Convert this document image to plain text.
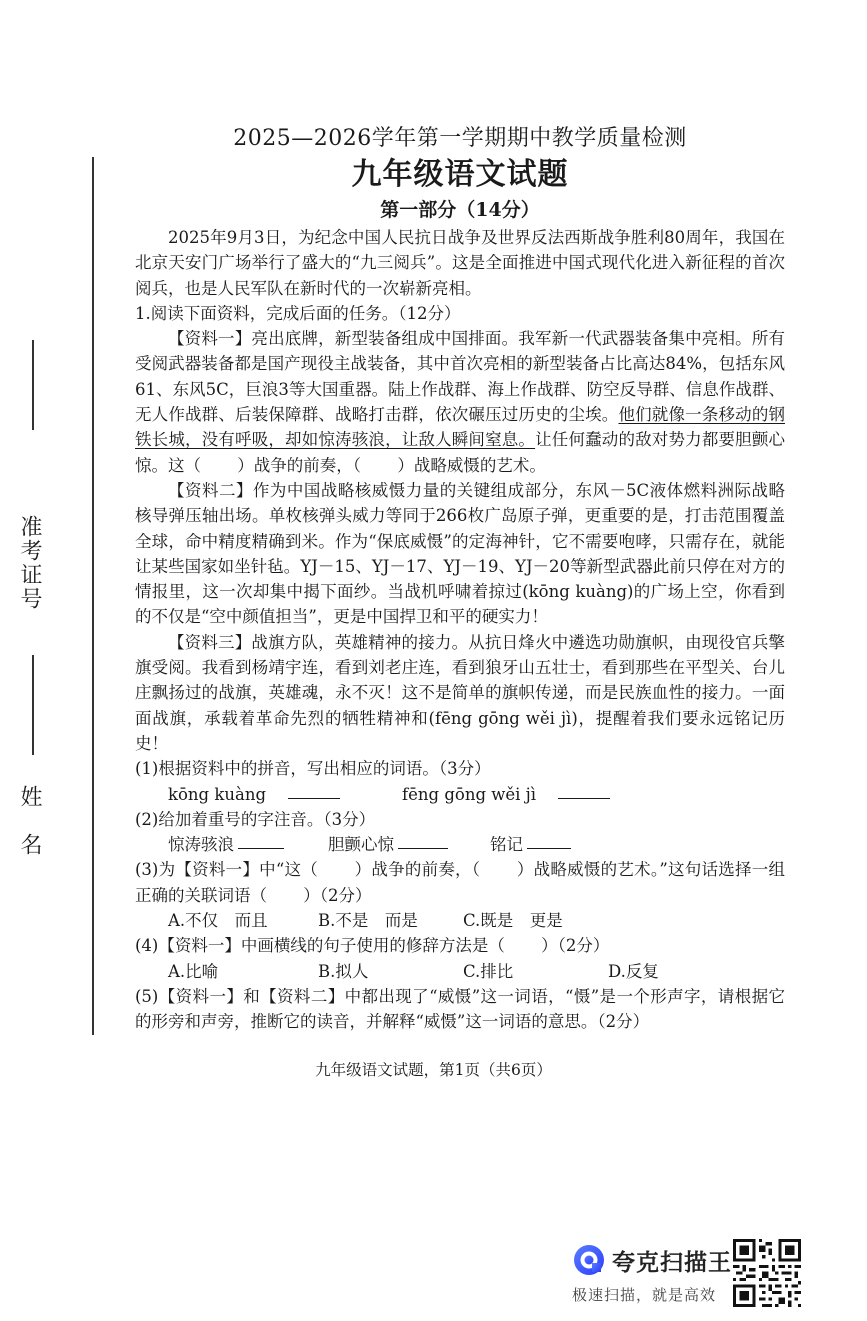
准考证号
姓　名

2025—2026学年第一学期期中教学质量检测

九年级语文试题

第一部分（14分）

2025年9月3日，为纪念中国人民抗日战争及世界反法西斯战争胜利80周年，我国在北京天安门广场举行了盛大的“九三阅兵”。这是全面推进中国式现代化进入新征程的首次阅兵，也是人民军队在新时代的一次崭新亮相。

1.阅读下面资料，完成后面的任务。（12分）

【资料一】亮出底牌，新型装备组成中国排面。我军新一代武器装备集中亮相。所有受阅武器装备都是国产现役主战装备，其中首次亮相的新型装备占比高达84%，包括东风61、东风5C，巨浪3等大国重器。陆上作战群、海上作战群、防空反导群、信息作战群、无人作战群、后装保障群、战略打击群，依次碾压过历史的尘埃。他们就像一条移动的钢铁长城，没有呼吸，却如惊涛骇浪，让敌人瞬间窒息。让任何蠢动的敌对势力都要胆颤心惊。这（ ）战争的前奏，（ ）战略威慑的艺术。

【资料二】作为中国战略核威慑力量的关键组成部分，东风－5C液体燃料洲际战略核导弹压轴出场。单枚核弹头威力等同于266枚广岛原子弹，更重要的是，打击范围覆盖全球，命中精度精确到米。作为“保底威慑”的定海神针，它不需要咆哮，只需存在，就能让某些国家如坐针毡。YJ－15、YJ－17、YJ－19、YJ－20等新型武器此前只停在对方的情报里，这一次却集中揭下面纱。当战机呼啸着掠过(kōng kuàng)的广场上空，你看到的不仅是“空中颜值担当”，更是中国捍卫和平的硬实力！

【资料三】战旗方队，英雄精神的接力。从抗日烽火中遴选功勋旗帜，由现役官兵擎旗受阅。我看到杨靖宇连，看到刘老庄连，看到狼牙山五壮士，看到那些在平型关、台儿庄飘扬过的战旗，英雄魂，永不灭！这不是简单的旗帜传递，而是民族血性的接力。一面面战旗，承载着革命先烈的牺牲精神和(fēng gōng wěi jì)，提醒着我们要永远铭记历史！

(1)根据资料中的拼音，写出相应的词语。（3分）

kōng kuàng	fēng gōng wěi jì

(2)给加着重号的字注音。（3分）

惊涛骇浪	胆颤心惊	铭记

(3)为【资料一】中“这（ ）战争的前奏，（ ）战略威慑的艺术。”这句话选择一组正确的关联词语（ ）（2分）

A.不仅　而且	B.不是　而是	C.既是　更是

(4)【资料一】中画横线的句子使用的修辞方法是（ ）（2分）

A.比喻	B.拟人	C.排比	D.反复

(5)【资料一】和【资料二】中都出现了“威慑”这一词语，“慑”是一个形声字，请根据它的形旁和声旁，推断它的读音，并解释“威慑”这一词语的意思。（2分）

九年级语文试题，第1页（共6页）
夸克扫描王
极速扫描，就是高效
